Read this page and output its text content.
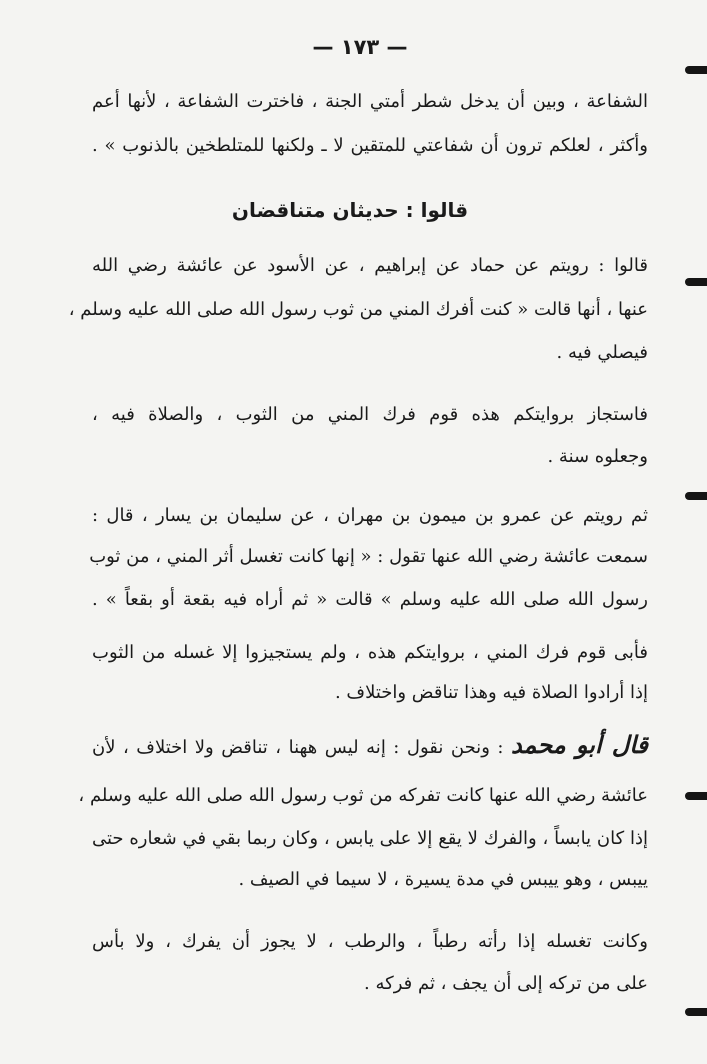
— ١٧٣ —
الشفاعة ، وبين أن يدخل شطر أمتي الجنة ، فاخترت الشفاعة ، لأنها أعم
وأكثر ، لعلكم ترون أن شفاعتي للمتقين لا ـ ولكنها للمتلطخين بالذنوب » .
قالوا : حديثان متناقضان
قالوا : رويتم عن حماد عن إبراهيم ، عن الأسود عن عائشة رضي الله
عنها ، أنها قالت « كنت أفرك المني من ثوب رسول الله صلى الله عليه وسلم ،
فيصلي فيه .
فاستجاز بروايتكم هذه قوم فرك المني من الثوب ، والصلاة فيه ،
وجعلوه سنة .
ثم رويتم عن عمرو بن ميمون بن مهران ، عن سليمان بن يسار ، قال :
سمعت عائشة رضي الله عنها تقول : « إنها كانت تغسل أثر المني ، من ثوب
رسول الله صلى الله عليه وسلم » قالت « ثم أراه فيه بقعة أو بقعاً » .
فأبى قوم فرك المني ، بروايتكم هذه ، ولم يستجيزوا إلا غسله من الثوب
إذا أرادوا الصلاة فيه وهذا تناقض واختلاف .
قال أبو محمد : ونحن نقول : إنه ليس ههنا ، تناقض ولا اختلاف ، لأن
عائشة رضي الله عنها كانت تفركه من ثوب رسول الله صلى الله عليه وسلم ،
إذا كان يابساً ، والفرك لا يقع إلا على يابس ، وكان ربما بقي في شعاره حتى
ييبس ، وهو ييبس في مدة يسيرة ، لا سيما في الصيف .
وكانت تغسله إذا رأته رطباً ، والرطب ، لا يجوز أن يفرك ، ولا بأس
على من تركه إلى أن يجف ، ثم فركه .
